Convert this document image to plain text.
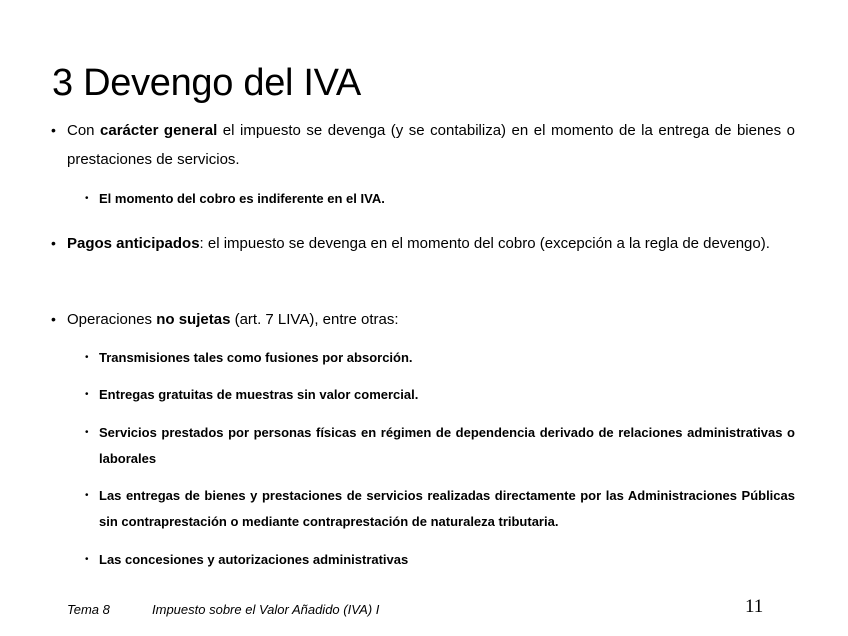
3 Devengo del IVA
• Con carácter general el impuesto se devenga (y se contabiliza) en el momento de la entrega de bienes o prestaciones de servicios.

• El momento del cobro es indiferente en el IVA.

• Pagos anticipados: el impuesto se devenga en el momento del cobro (excepción a la regla de devengo).

• Operaciones no sujetas (art. 7 LIVA), entre otras:

• Transmisiones tales como fusiones por absorción.

• Entregas gratuitas de muestras sin valor comercial.

• Servicios prestados por personas físicas en régimen de dependencia derivado de relaciones administrativas o laborales

• Las entregas de bienes y prestaciones de servicios realizadas directamente por las Administraciones Públicas sin contraprestación o mediante contraprestación de naturaleza tributaria.

• Las concesiones y autorizaciones administrativas

Tema 8	Impuesto sobre el Valor Añadido (IVA) I	11
